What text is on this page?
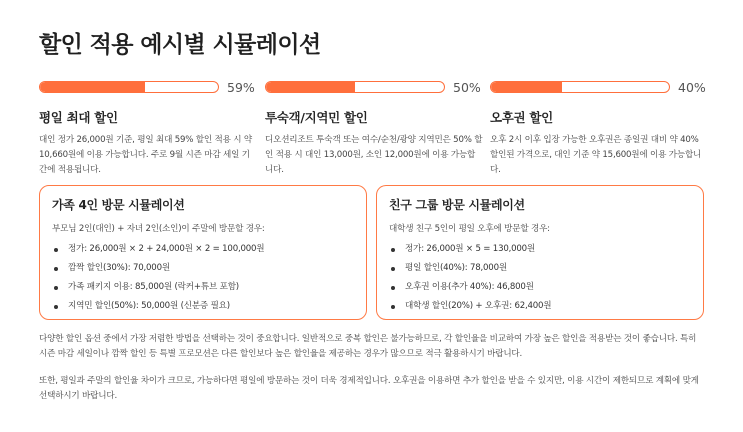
할인 적용 예시별 시뮬레이션
59%
평일 최대 할인

대인 정가 26,000원 기준, 평일 최대 59% 할인 적용 시 약 10,660원에 이용 가능합니다. 주로 9월 시즌 마감 세일 기간에 적용됩니다.

50%
투숙객/지역민 할인

디오션리조트 투숙객 또는 여수/순천/광양 지역민은 50% 할인 적용 시 대인 13,000원, 소인 12,000원에 이용 가능합니다.

40%
오후권 할인

오후 2시 이후 입장 가능한 오후권은 종일권 대비 약 40% 할인된 가격으로, 대인 기준 약 15,600원에 이용 가능합니다.

가족 4인 방문 시뮬레이션

부모님 2인(대인) + 자녀 2인(소인)이 주말에 방문할 경우:

정가: 26,000원 × 2 + 24,000원 × 2 = 100,000원
깜짝 할인(30%): 70,000원
가족 패키지 이용: 85,000원 (락커+튜브 포함)
지역민 할인(50%): 50,000원 (신분증 필요)
친구 그룹 방문 시뮬레이션

대학생 친구 5인이 평일 오후에 방문할 경우:

정가: 26,000원 × 5 = 130,000원
평일 할인(40%): 78,000원
오후권 이용(추가 40%): 46,800원
대학생 할인(20%) + 오후권: 62,400원

다양한 할인 옵션 중에서 가장 저렴한 방법을 선택하는 것이 중요합니다. 일반적으로 중복 할인은 불가능하므로, 각 할인율을 비교하여 가장 높은 할인을 적용받는 것이 좋습니다. 특히 시즌 마감 세일이나 깜짝 할인 등 특별 프로모션은 다른 할인보다 높은 할인율을 제공하는 경우가 많으므로 적극 활용하시기 바랍니다.

또한, 평일과 주말의 할인율 차이가 크므로, 가능하다면 평일에 방문하는 것이 더욱 경제적입니다. 오후권을 이용하면 추가 할인을 받을 수 있지만, 이용 시간이 제한되므로 계획에 맞게 선택하시기 바랍니다.
